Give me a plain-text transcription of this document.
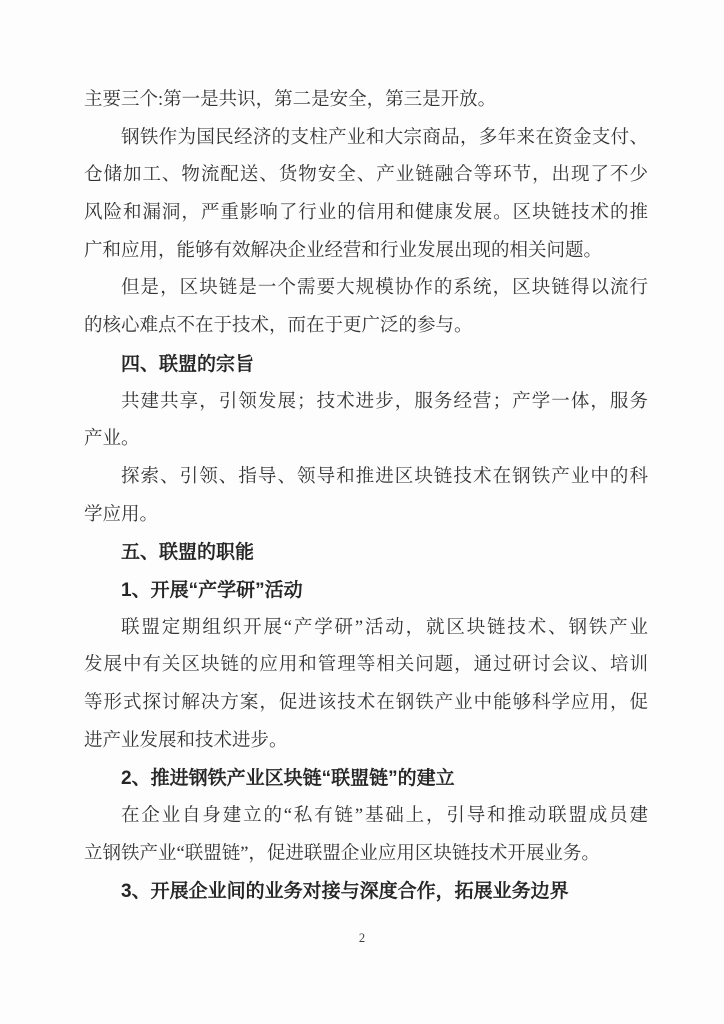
主要三个:第一是共识，第二是安全，第三是开放。
钢铁作为国民经济的支柱产业和大宗商品，多年来在资金支付、
仓储加工、物流配送、货物安全、产业链融合等环节，出现了不少
风险和漏洞，严重影响了行业的信用和健康发展。区块链技术的推
广和应用，能够有效解决企业经营和行业发展出现的相关问题。
但是，区块链是一个需要大规模协作的系统，区块链得以流行
的核心难点不在于技术，而在于更广泛的参与。
四、联盟的宗旨
共建共享，引领发展；技术进步，服务经营；产学一体，服务
产业。
探索、引领、指导、领导和推进区块链技术在钢铁产业中的科
学应用。
五、联盟的职能
1、开展“产学研”活动
联盟定期组织开展“产学研”活动，就区块链技术、钢铁产业
发展中有关区块链的应用和管理等相关问题，通过研讨会议、培训
等形式探讨解决方案，促进该技术在钢铁产业中能够科学应用，促
进产业发展和技术进步。
2、推进钢铁产业区块链“联盟链”的建立
在企业自身建立的“私有链”基础上，引导和推动联盟成员建
立钢铁产业“联盟链”，促进联盟企业应用区块链技术开展业务。
3、开展企业间的业务对接与深度合作，拓展业务边界
2
